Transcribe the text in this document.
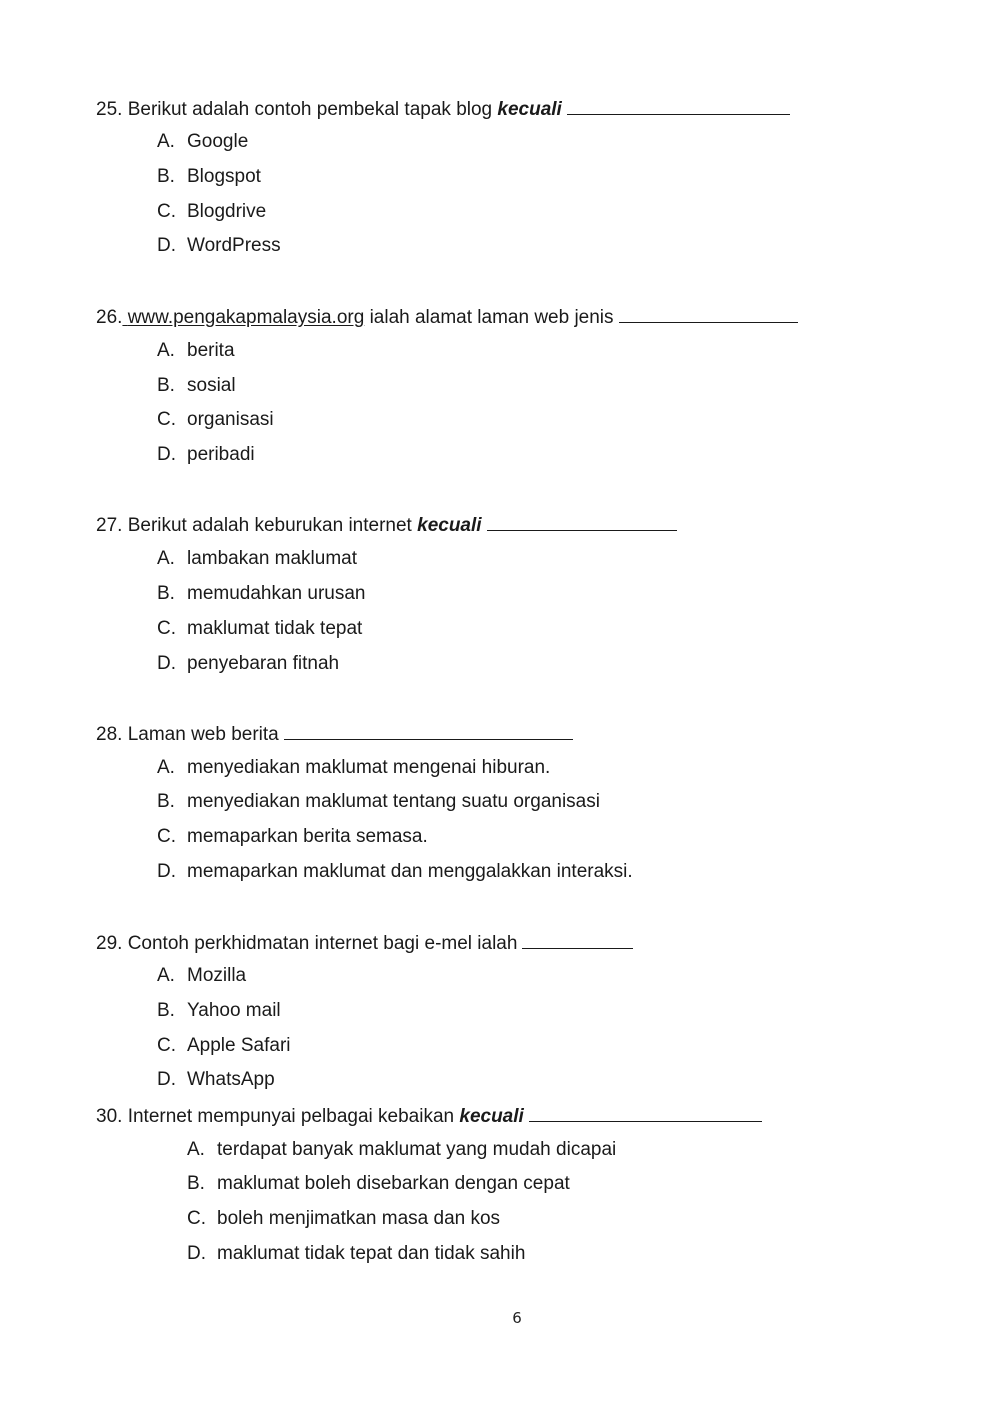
25. Berikut adalah contoh pembekal tapak blog kecuali
A. Google
B. Blogspot
C. Blogdrive
D. WordPress
26. www.pengakapmalaysia.org ialah alamat laman web jenis
A. berita
B. sosial
C. organisasi
D. peribadi
27. Berikut adalah keburukan internet kecuali
A. lambakan maklumat
B. memudahkan urusan
C. maklumat tidak tepat
D. penyebaran fitnah
28. Laman web berita
A. menyediakan maklumat mengenai hiburan.
B. menyediakan maklumat tentang suatu organisasi
C. memaparkan berita semasa.
D. memaparkan maklumat dan menggalakkan interaksi.
29. Contoh perkhidmatan internet bagi e-mel ialah
A. Mozilla
B. Yahoo mail
C. Apple Safari
D. WhatsApp
30. Internet mempunyai pelbagai kebaikan kecuali
A. terdapat banyak maklumat yang mudah dicapai
B. maklumat boleh disebarkan dengan cepat
C. boleh menjimatkan masa dan kos
D. maklumat tidak tepat dan tidak sahih
6
